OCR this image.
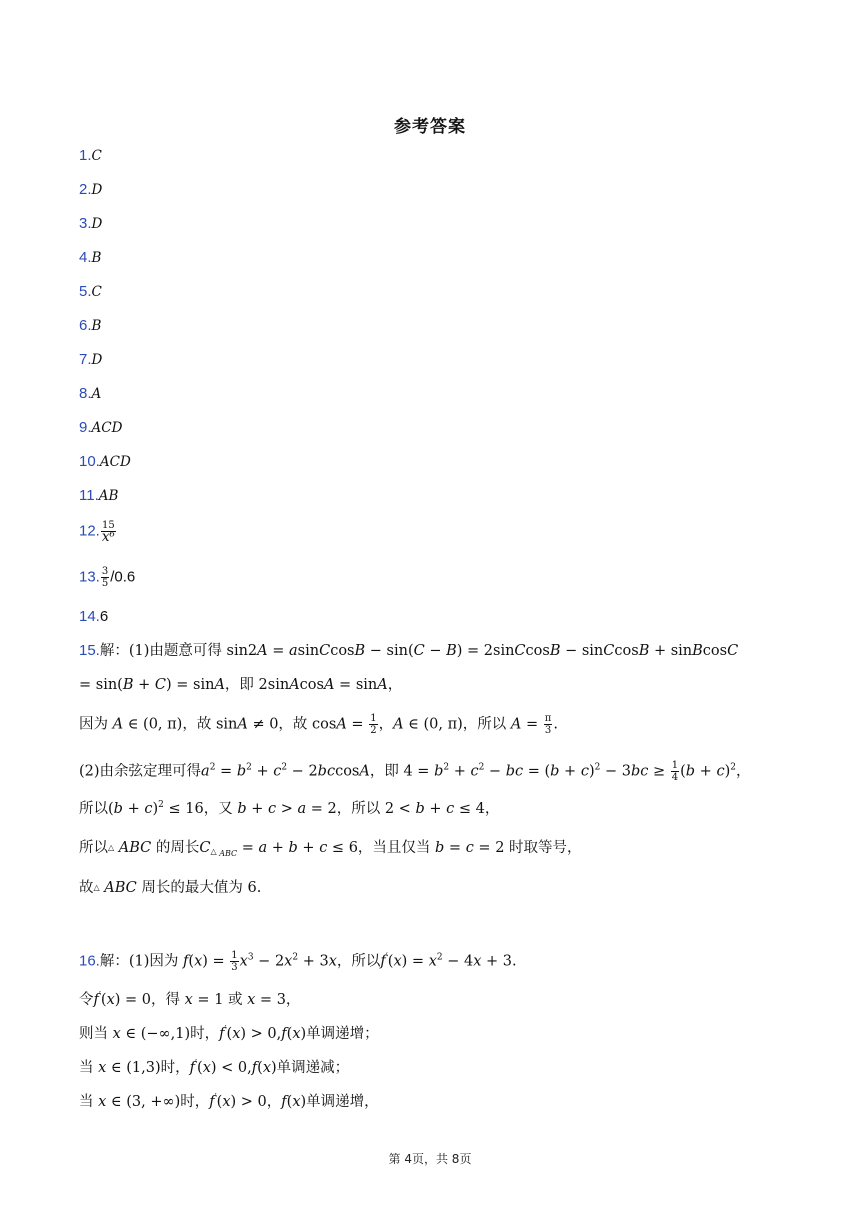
参考答案
1.C
2.D
3.D
4.B
5.C
6.B
7.D
8.A
9.ACD
10.ACD
11.AB
12. $\frac{15}{\text{x⁶}}$
13. $\frac{3}{5} /0.6$
14.6
15.解：(1)由题意可得 sin2A = asinCcosB − sin(C − B) = 2sinCcosB − sinCcosB + sinBcosC
= sin(B + C) = sinA，即 2sinAcosA = sinA，
因为 A ∈ (0, π)，故 sinA ≠ 0，故 $\cos A = \frac{1}{2}$ ，A ∈ (0, π)，所以 $A = \frac{\pi}{3}$ .
(2)由余弦定理可得$a^2 = b^2 + c^2 - 2bccosA$，即 $4 = b^2 + c^2$ − bc = $(b + c)^2 - 3bc \ge \frac{1}{4} (b + c)^2$，
所以$(b + c)^2 \le 16$，又 b + c > a = 2，所以 2 < b + c ≤ 4，
所以△ ABC 的周长$C_{\triangle ABC} = a + b + c \le 6$，当且仅当 b = c = 2 时取等号，
故△ ABC 周长的最大值为 6.
16.解：(1)因为 $f(x) = \frac{1}{3} x^3 - 2x^2 + 3x$，所以$f'(x) = x^2 - 4x + 3$.
令f′(x) = 0，得 x = 1 或 x = 3，
则当 x ∈ (−∞,1)时，f′(x) > 0,f(x)单调递增；
当 x ∈ (1,3)时，f′(x) < 0,f(x)单调递减；
当 x ∈ (3, +∞)时，f′(x) > 0，f(x)单调递增，
第 4页，共 8页
